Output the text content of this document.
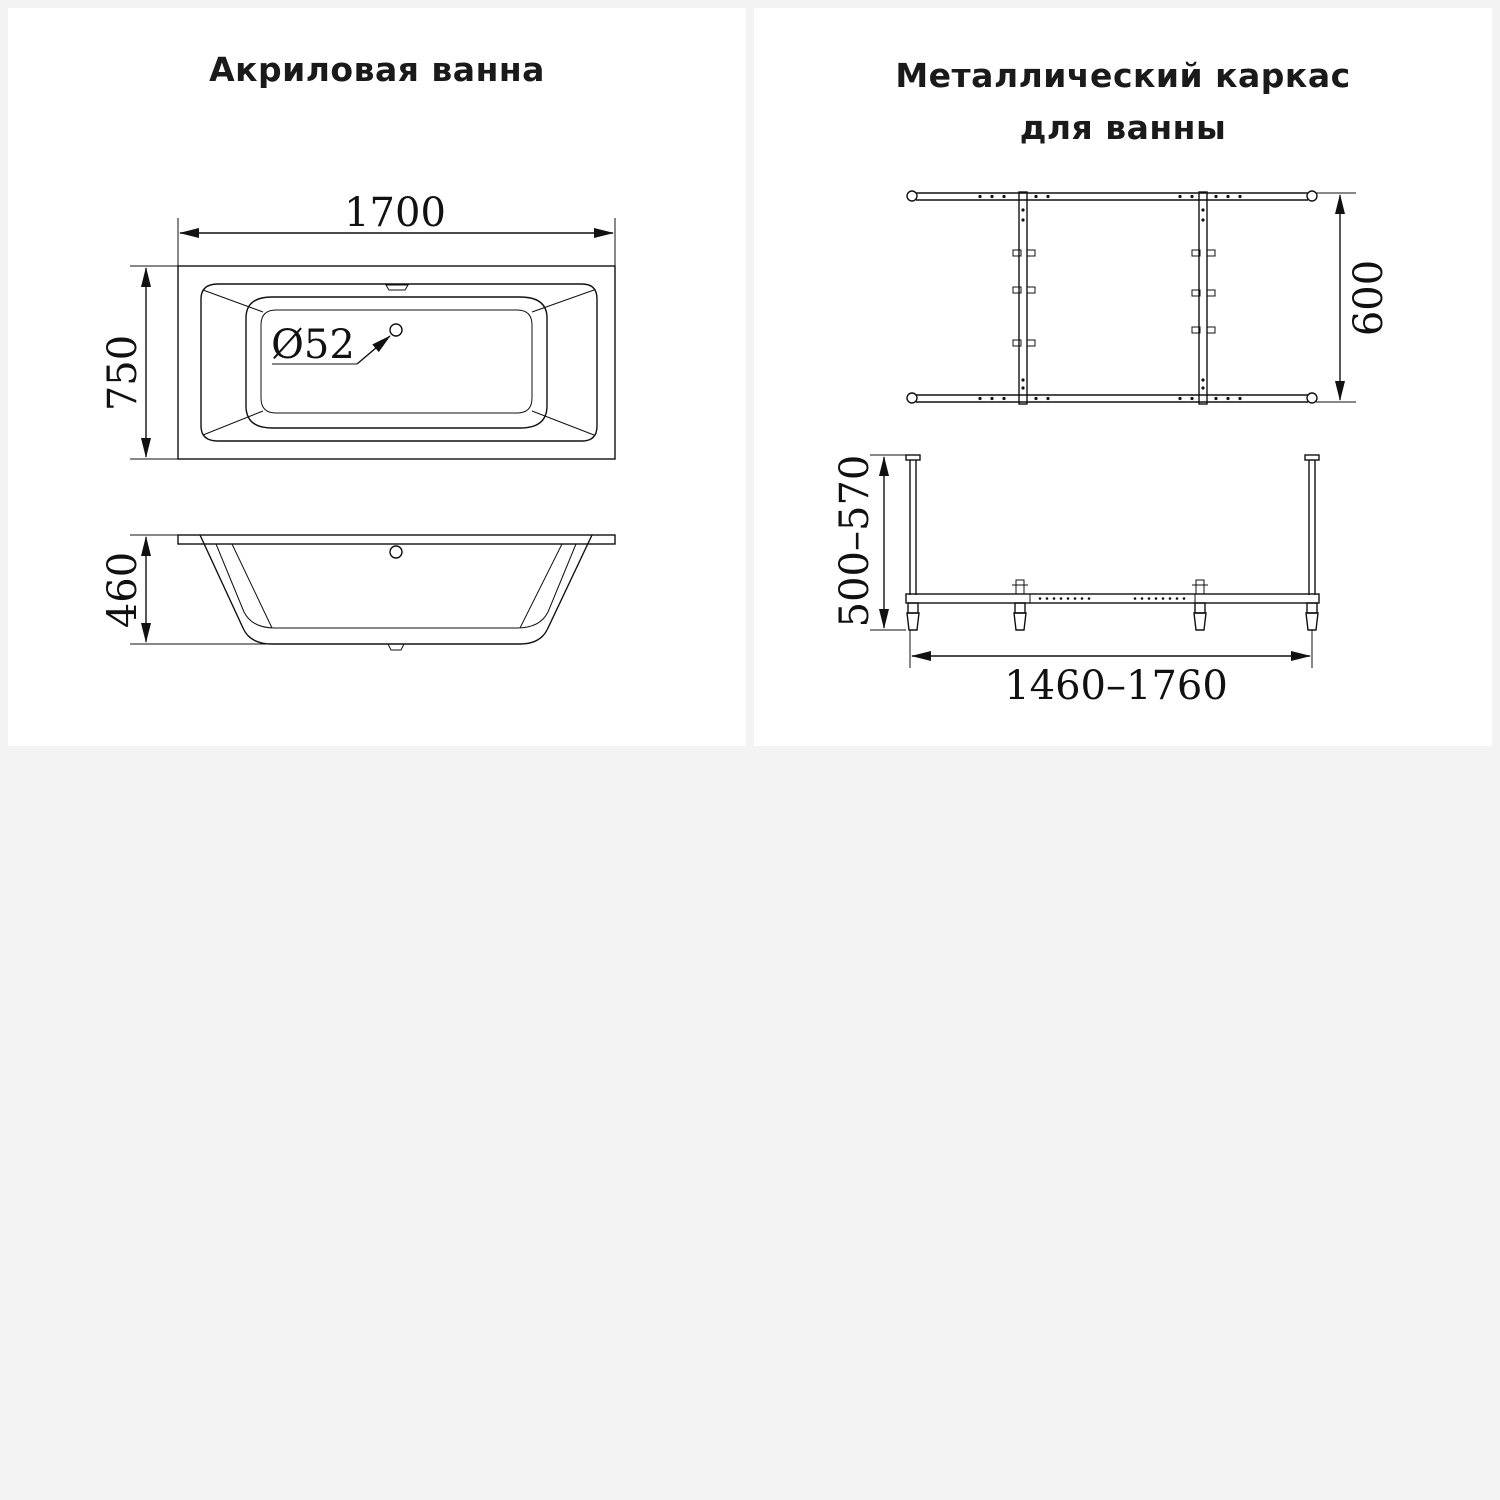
Акриловая ванна	Металлический каркас
для ванны
Ø52
1700
750
460
600
500–570
1460–1760
